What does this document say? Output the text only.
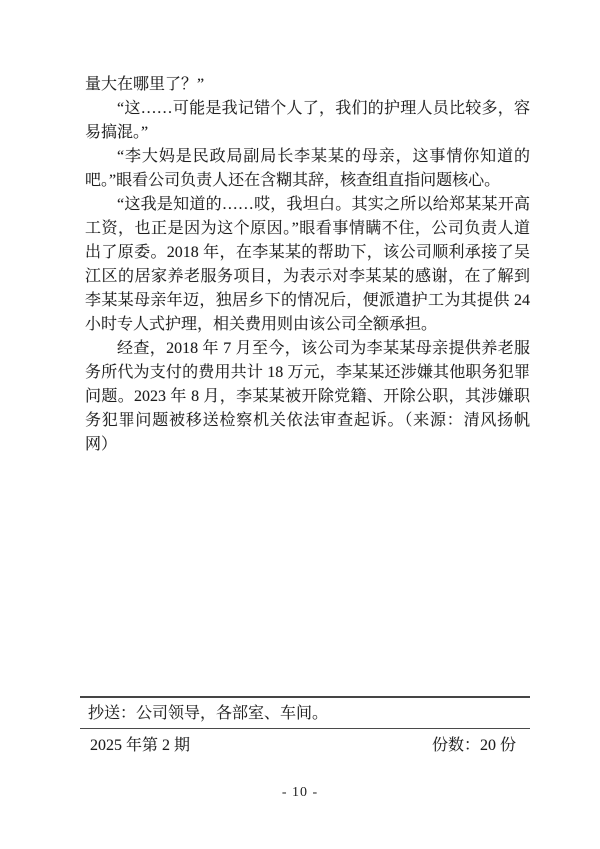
量大在哪里了？”

“这……可能是我记错个人了，我们的护理人员比较多，容易搞混。”

“李大妈是民政局副局长李某某的母亲，这事情你知道的吧。”眼看公司负责人还在含糊其辞，核查组直指问题核心。

“这我是知道的……哎，我坦白。其实之所以给郑某某开高工资，也正是因为这个原因。”眼看事情瞒不住，公司负责人道出了原委。2018 年，在李某某的帮助下，该公司顺利承接了吴江区的居家养老服务项目，为表示对李某某的感谢，在了解到李某某母亲年迈，独居乡下的情况后，便派遣护工为其提供 24 小时专人式护理，相关费用则由该公司全额承担。

经查，2018 年 7 月至今，该公司为李某某母亲提供养老服务所代为支付的费用共计 18 万元，李某某还涉嫌其他职务犯罪问题。2023 年 8 月，李某某被开除党籍、开除公职，其涉嫌职务犯罪问题被移送检察机关依法审查起诉。（来源：清风扬帆网）

抄送：公司领导，各部室、车间。
2025 年第 2 期	份数：20 份
- 10 -
